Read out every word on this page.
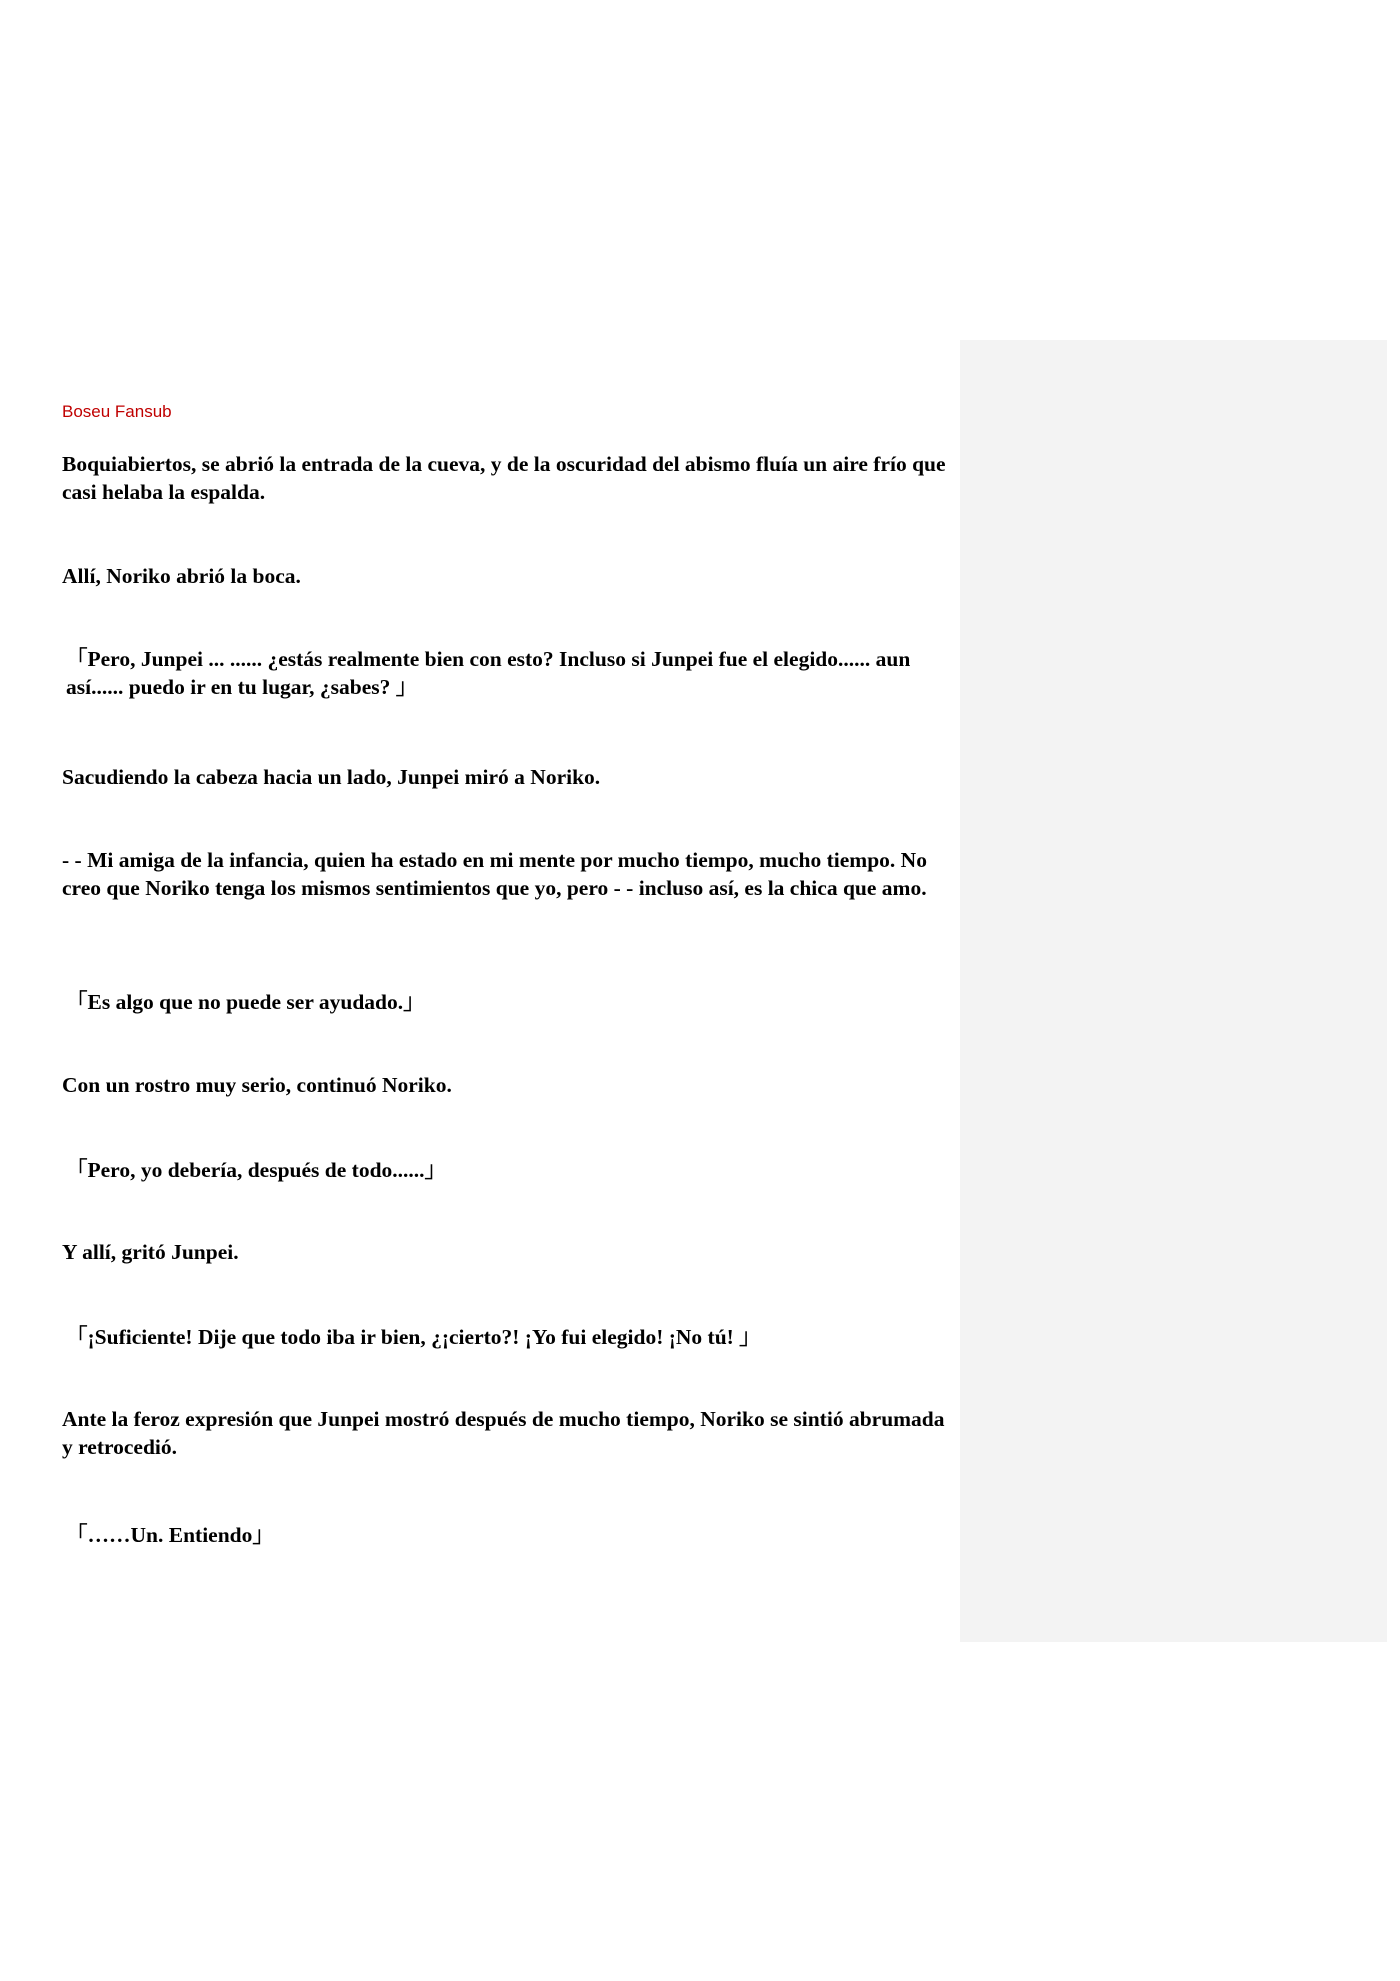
Boseu Fansub

Boquiabiertos, se abrió la entrada de la cueva, y de la oscuridad del abismo fluía un aire frío que casi helaba la espalda.

Allí, Noriko abrió la boca.

「Pero, Junpei ... ...... ¿estás realmente bien con esto? Incluso si Junpei fue el elegido...... aun así...... puedo ir en tu lugar, ¿sabes? 」

Sacudiendo la cabeza hacia un lado, Junpei miró a Noriko.

- - Mi amiga de la infancia, quien ha estado en mi mente por mucho tiempo, mucho tiempo. No creo que Noriko tenga los mismos sentimientos que yo, pero - - incluso así, es la chica que amo.

「Es algo que no puede ser ayudado.」

Con un rostro muy serio, continuó Noriko.

「Pero, yo debería, después de todo......」

Y allí, gritó Junpei.

「¡Suficiente! Dije que todo iba ir bien, ¿¡cierto?! ¡Yo fui elegido! ¡No tú! 」

Ante la feroz expresión que Junpei mostró después de mucho tiempo, Noriko se sintió abrumada y retrocedió.

「……Un. Entiendo」
